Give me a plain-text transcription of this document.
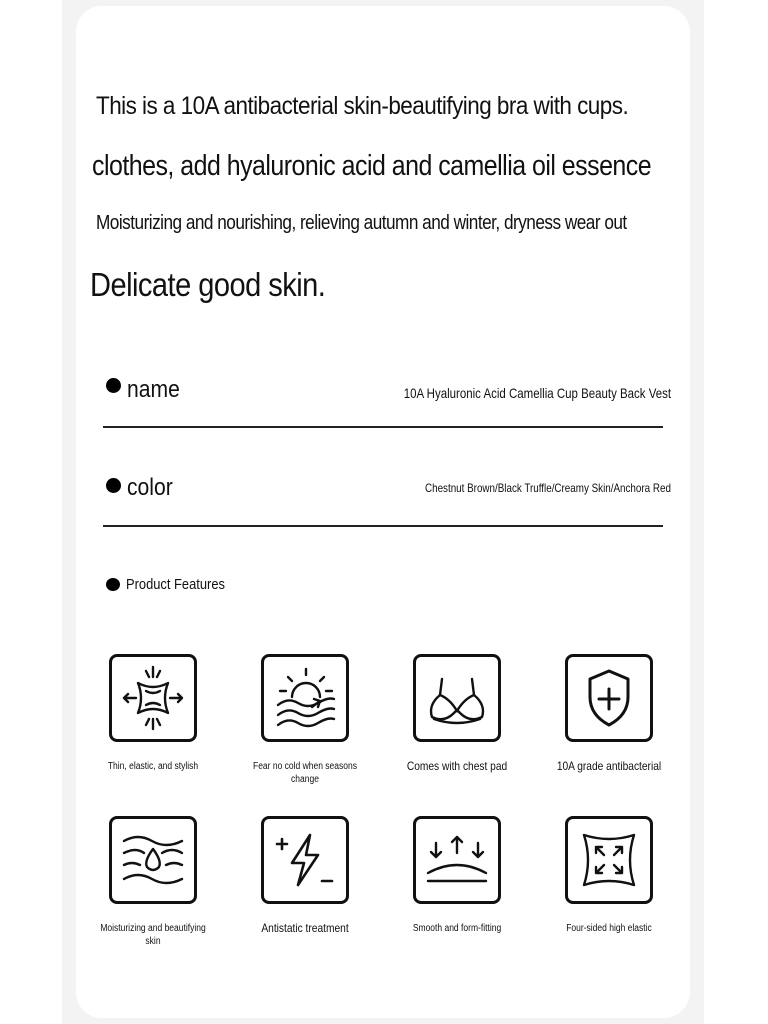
This is a 10A antibacterial skin-beautifying bra with cups.
clothes, add hyaluronic acid and camellia oil essence
Moisturizing and nourishing, relieving autumn and winter, dryness wear out
Delicate good skin.
name	10A Hyaluronic Acid Camellia Cup Beauty Back Vest
color	Chestnut Brown/Black Truffle/Creamy Skin/Anchora Red
Product Features
Thin, elastic, and stylish	Fear no cold when seasons change
Comes with chest pad	10A grade antibacterial
Moisturizing and beautifying skin
Antistatic treatment	Smooth and form-fitting	Four-sided high elastic
